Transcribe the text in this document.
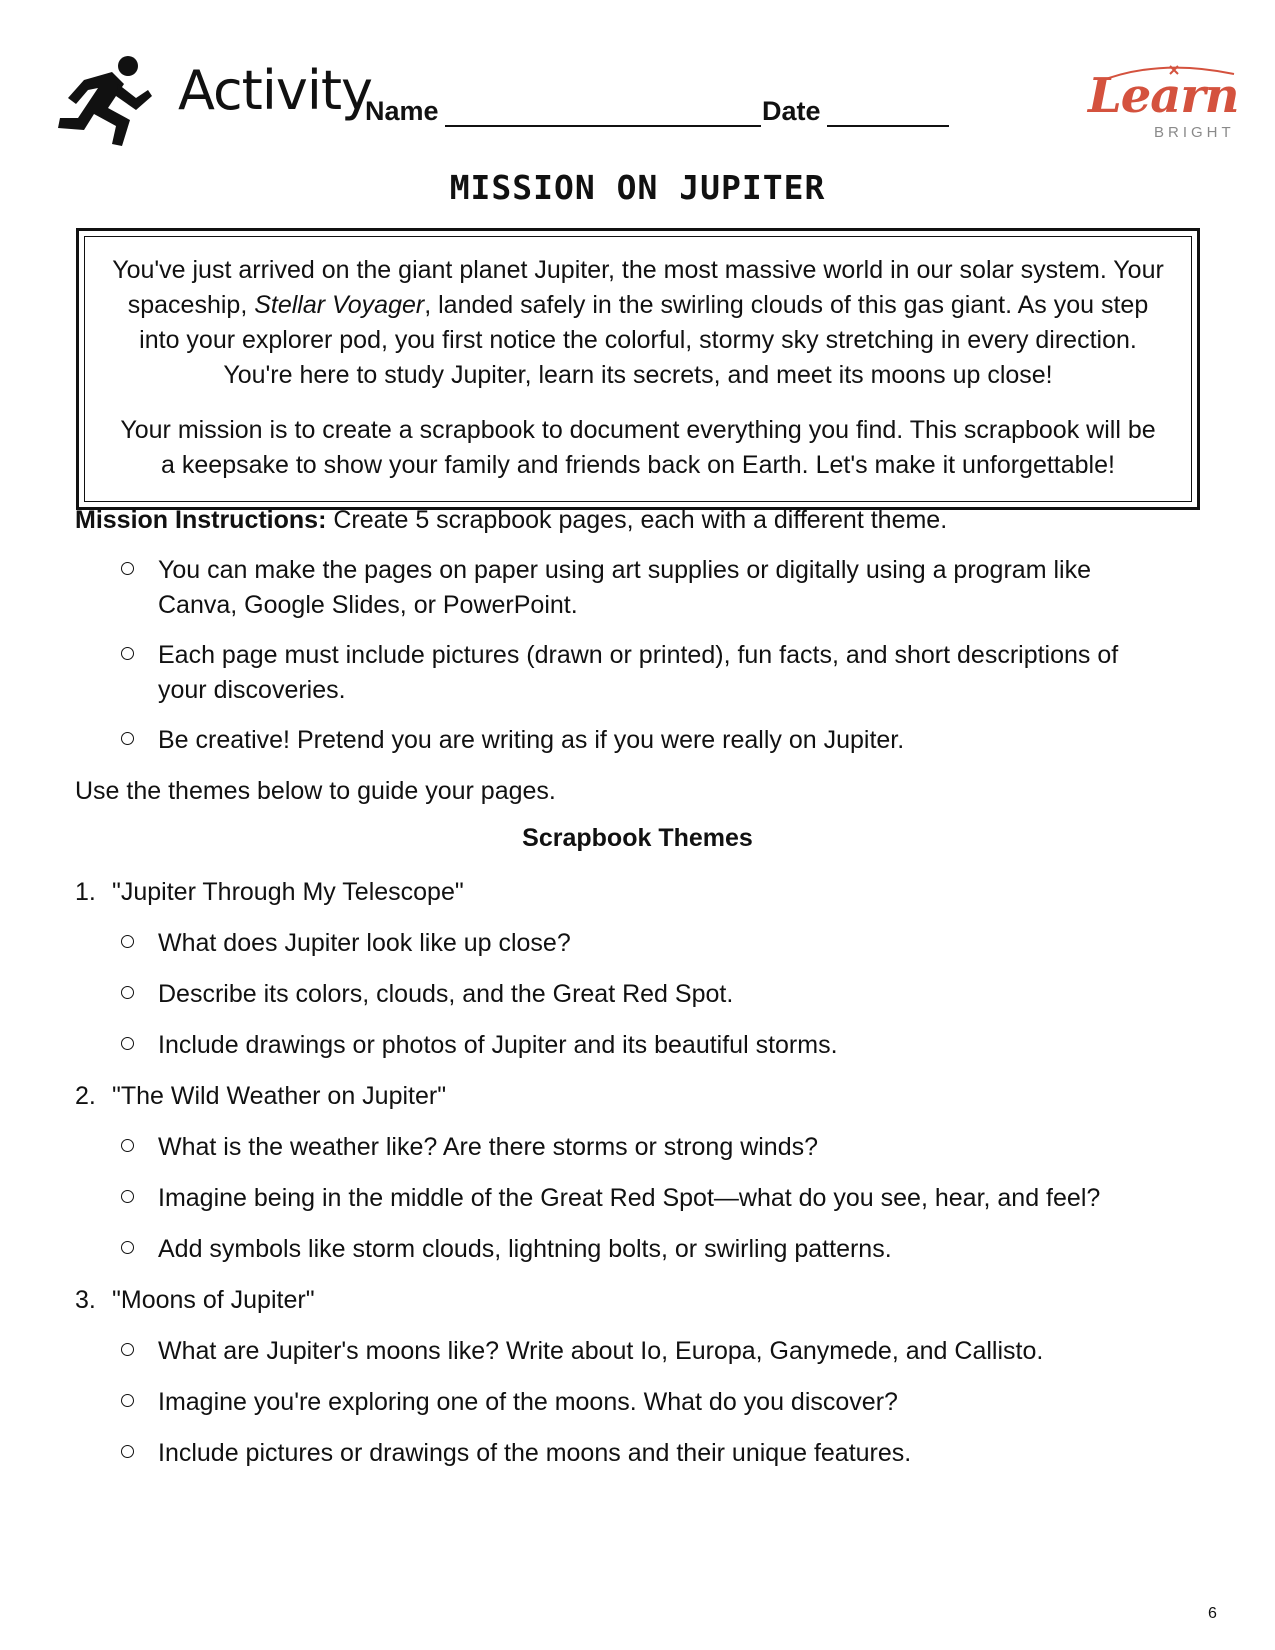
Activity
Name	Date	Learn
BRIGHT
MISSION ON JUPITER

You've just arrived on the giant planet Jupiter, the most massive world in our solar system. Your spaceship, Stellar Voyager, landed safely in the swirling clouds of this gas giant. As you step into your explorer pod, you first notice the colorful, stormy sky stretching in every direction. You're here to study Jupiter, learn its secrets, and meet its moons up close!

Your mission is to create a scrapbook to document everything you find. This scrapbook will be a keepsake to show your family and friends back on Earth. Let's make it unforgettable!

Mission Instructions: Create 5 scrapbook pages, each with a different theme.
You can make the pages on paper using art supplies or digitally using a program like Canva, Google Slides, or PowerPoint.
Each page must include pictures (drawn or printed), fun facts, and short descriptions of your discoveries.
Be creative! Pretend you are writing as if you were really on Jupiter.
Use the themes below to guide your pages.
Scrapbook Themes
1. "Jupiter Through My Telescope"
What does Jupiter look like up close?
Describe its colors, clouds, and the Great Red Spot.
Include drawings or photos of Jupiter and its beautiful storms.
2. "The Wild Weather on Jupiter"
What is the weather like? Are there storms or strong winds?
Imagine being in the middle of the Great Red Spot—what do you see, hear, and feel?
Add symbols like storm clouds, lightning bolts, or swirling patterns.
3. "Moons of Jupiter"
What are Jupiter's moons like? Write about Io, Europa, Ganymede, and Callisto.
Imagine you're exploring one of the moons. What do you discover?
Include pictures or drawings of the moons and their unique features.
6
